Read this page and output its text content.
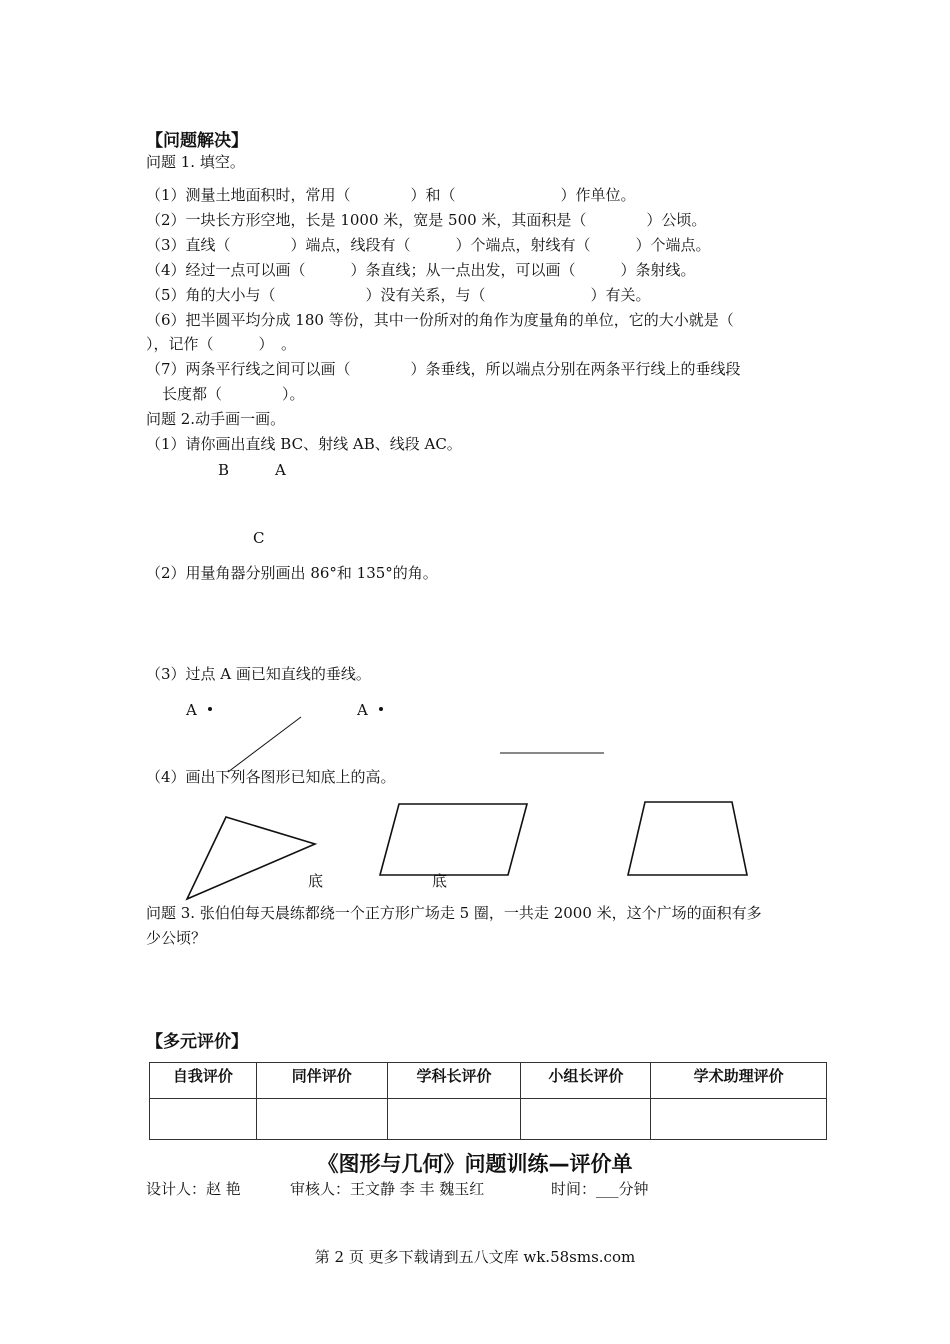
【问题解决】
问题 1. 填空。
（1）测量土地面积时，常用（　　　　）和（　　　　　　　）作单位。
（2）一块长方形空地，长是 1000 米，宽是 500 米，其面积是（　　　　）公顷。
（3）直线（　　　　）端点，线段有（　　　）个端点，射线有（　　　）个端点。
（4）经过一点可以画（　　　）条直线；从一点出发，可以画（　　　）条射线。
（5）角的大小与（　　　　　　）没有关系，与（　　　　　　　）有关。
（6）把半圆平均分成 180 等份，其中一份所对的角作为度量角的单位，它的大小就是（
），记作（　　　）　。
（7）两条平行线之间可以画（　　　　）条垂线，所以端点分别在两条平行线上的垂线段
长度都（　　　　）。
问题 2.动手画一画。
（1）请你画出直线 BC、射线 AB、线段 AC。
B	A
C
（2）用量角器分别画出 86°和 135°的角。
（3）过点 A 画已知直线的垂线。
A	A
（4）画出下列各图形已知底上的高。
底	底
问题 3. 张伯伯每天晨练都绕一个正方形广场走 5 圈，一共走 2000 米，这个广场的面积有多
少公顷？
【多元评价】
自我评价	同伴评价	学科长评价	小组长评价	学术助理评价

《图形与几何》问题训练—评价单
设计人：赵 艳	审核人：王文静 李 丰 魏玉红	时间：___分钟
第 2 页 更多下载请到五八文库 wk.58sms.com
